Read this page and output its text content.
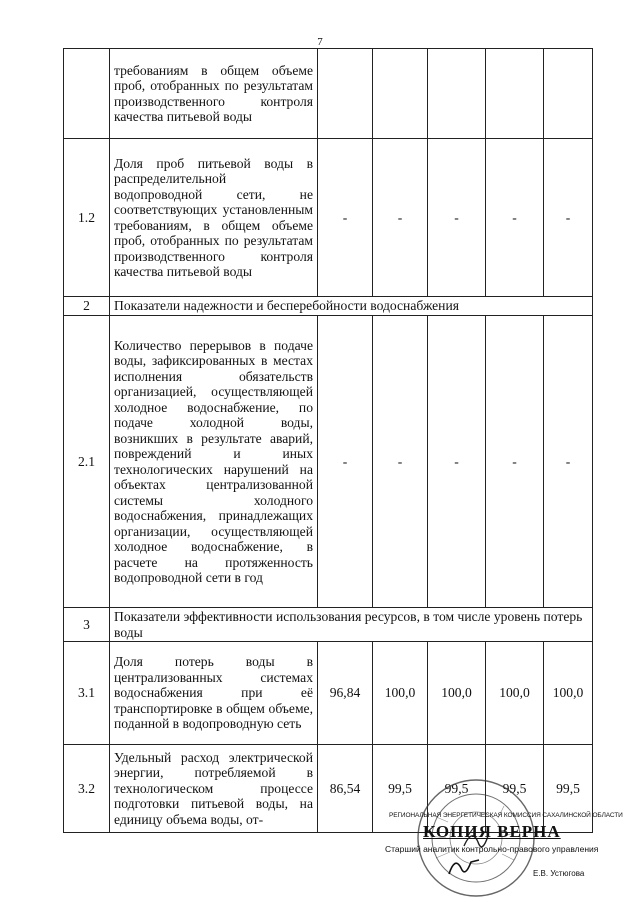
7
	требованиям в общем объеме проб, отобранных по результатам производственного контроля качества питьевой воды					
1.2	Доля проб питьевой воды в распределительной водопроводной сети, не соответствующих установленным требованиям, в общем объеме проб, отобранных по результатам производственного контроля качества питьевой воды	-	-	-	-	-
2	Показатели надежности и бесперебойности водоснабжения					
2.1	Количество перерывов в подаче воды, зафиксированных в местах исполнения обязательств организацией, осуществляющей холодное водоснабжение, по подаче холодной воды, возникших в результате аварий, повреждений и иных технологических нарушений на объектах централизованной системы холодного водоснабжения, принадлежащих организации, осуществляющей холодное водоснабжение, в расчете на протяженность водопроводной сети в год	-	-	-	-	-
3	Показатели эффективности использования ресурсов, в том числе уровень потерь воды					
3.1	Доля потерь воды в централизованных системах водоснабжения при её транспортировке в общем объеме, поданной в водопроводную сеть	96,84	100,0	100,0	100,0	100,0
3.2	Удельный расход электрической энергии, потребляемой в технологическом процессе подготовки питьевой воды, на единицу объема воды, от-	86,54	99,5	99,5	99,5	99,5
РЕГИОНАЛЬНАЯ ЭНЕРГЕТИЧЕСКАЯ КОМИССИЯ САХАЛИНСКОЙ ОБЛАСТИ
КОПИЯ ВЕРНА
Старший аналитик контрольно-правового управления
Е.В. Устюгова
